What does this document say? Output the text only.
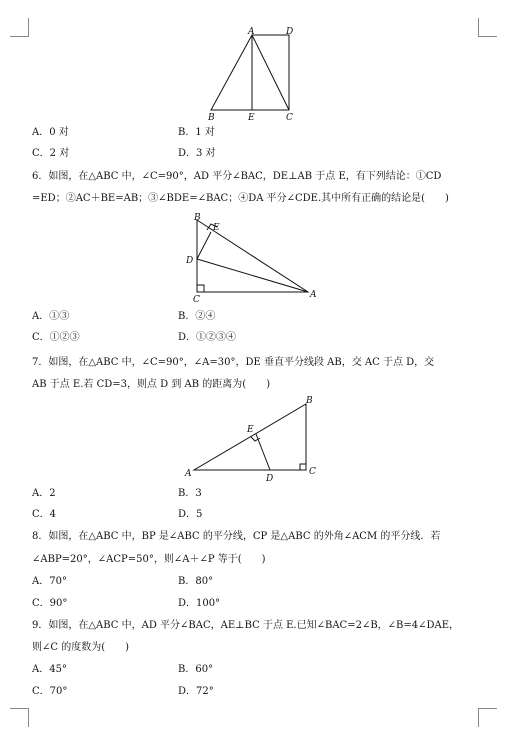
A	D
B	E	C
A．0 对	B．1 对
C．2 对	D．3 对
6．如图，在△ABC 中，∠C=90°，AD 平分∠BAC，DE⊥AB 于点 E，有下列结论：①CD
=ED；②AC＋BE=AB；③∠BDE=∠BAC；④DA 平分∠CDE.其中所有正确的结论是(　　)
B
E
D
C	A
A．①③	B．②④
C．①②③	D．①②③④
7．如图，在△ABC 中，∠C=90°，∠A=30°，DE 垂直平分线段 AB，交 AC 于点 D，交
AB 于点 E.若 CD=3，则点 D 到 AB 的距离为(　　)
B
E
A	D
C
A．2	B．3
C．4	D．5
8．如图，在△ABC 中，BP 是∠ABC 的平分线，CP 是△ABC 的外角∠ACM 的平分线．若
∠ABP=20°，∠ACP=50°，则∠A＋∠P 等于(　　)
A．70°	B．80°
C．90°	D．100°
9．如图，在△ABC 中，AD 平分∠BAC，AE⊥BC 于点 E.已知∠BAC=2∠B，∠B=4∠DAE，
则∠C 的度数为(　　)
A．45°	B．60°
C．70°	D．72°
